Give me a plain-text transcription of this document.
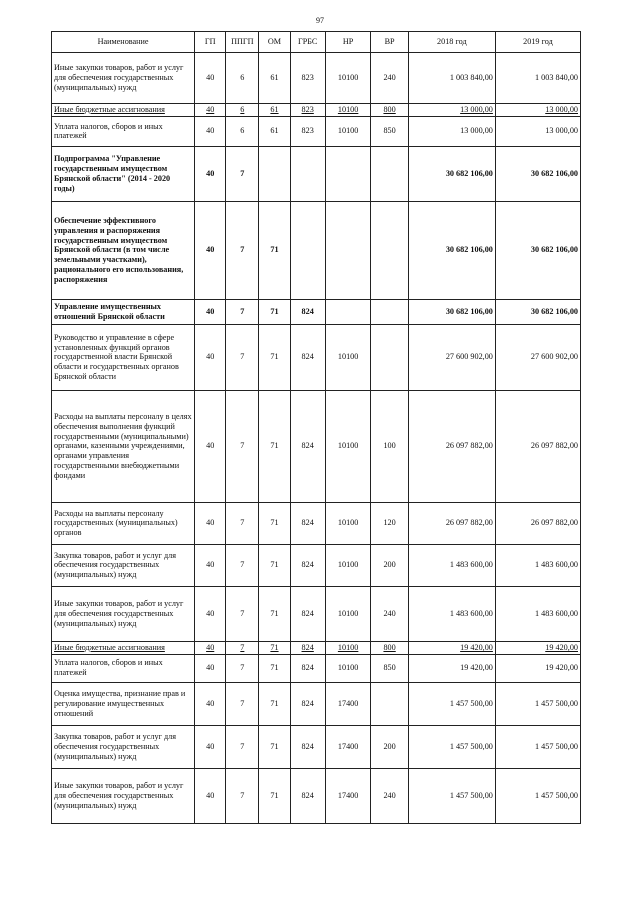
97
Наименование	ГП	ППГП	ОМ	ГРБС	НР	ВР	2018 год	2019 год
Иные закупки товаров, работ и услуг для обеспечения государственных (муниципальных) нужд	40	6	61	823	10100	240	1 003 840,00	1 003 840,00
Иные бюджетные ассигнования	40	6	61	823	10100	800	13 000,00	13 000,00
Уплата налогов, сборов и иных платежей	40	6	61	823	10100	850	13 000,00	13 000,00
Подпрограмма "Управление государственным имуществом Брянской области" (2014 - 2020 годы)	40	7					30 682 106,00	30 682 106,00
Обеспечение эффективного управления и распоряжения государственным имуществом Брянской области (в том числе земельными участками), рационального его использования, распоряжения	40	7	71				30 682 106,00	30 682 106,00
Управление имущественных отношений Брянской области	40	7	71	824			30 682 106,00	30 682 106,00
Руководство и управление в сфере установленных функций органов государственной власти Брянской области и государственных органов Брянской области	40	7	71	824	10100		27 600 902,00	27 600 902,00
Расходы на выплаты персоналу в целях обеспечения выполнения функций государственными (муниципальными) органами, казенными учреждениями, органами управления государственными внебюджетными фондами	40	7	71	824	10100	100	26 097 882,00	26 097 882,00
Расходы на выплаты персоналу государственных (муниципальных) органов	40	7	71	824	10100	120	26 097 882,00	26 097 882,00
Закупка товаров, работ и услуг для обеспечения государственных (муниципальных) нужд	40	7	71	824	10100	200	1 483 600,00	1 483 600,00
Иные закупки товаров, работ и услуг для обеспечения государственных (муниципальных) нужд	40	7	71	824	10100	240	1 483 600,00	1 483 600,00
Иные бюджетные ассигнования	40	7	71	824	10100	800	19 420,00	19 420,00
Уплата налогов, сборов и иных платежей	40	7	71	824	10100	850	19 420,00	19 420,00
Оценка имущества, признание прав и регулирование имущественных отношений	40	7	71	824	17400		1 457 500,00	1 457 500,00
Закупка товаров, работ и услуг для обеспечения государственных (муниципальных) нужд	40	7	71	824	17400	200	1 457 500,00	1 457 500,00
Иные закупки товаров, работ и услуг для обеспечения государственных (муниципальных) нужд	40	7	71	824	17400	240	1 457 500,00	1 457 500,00
